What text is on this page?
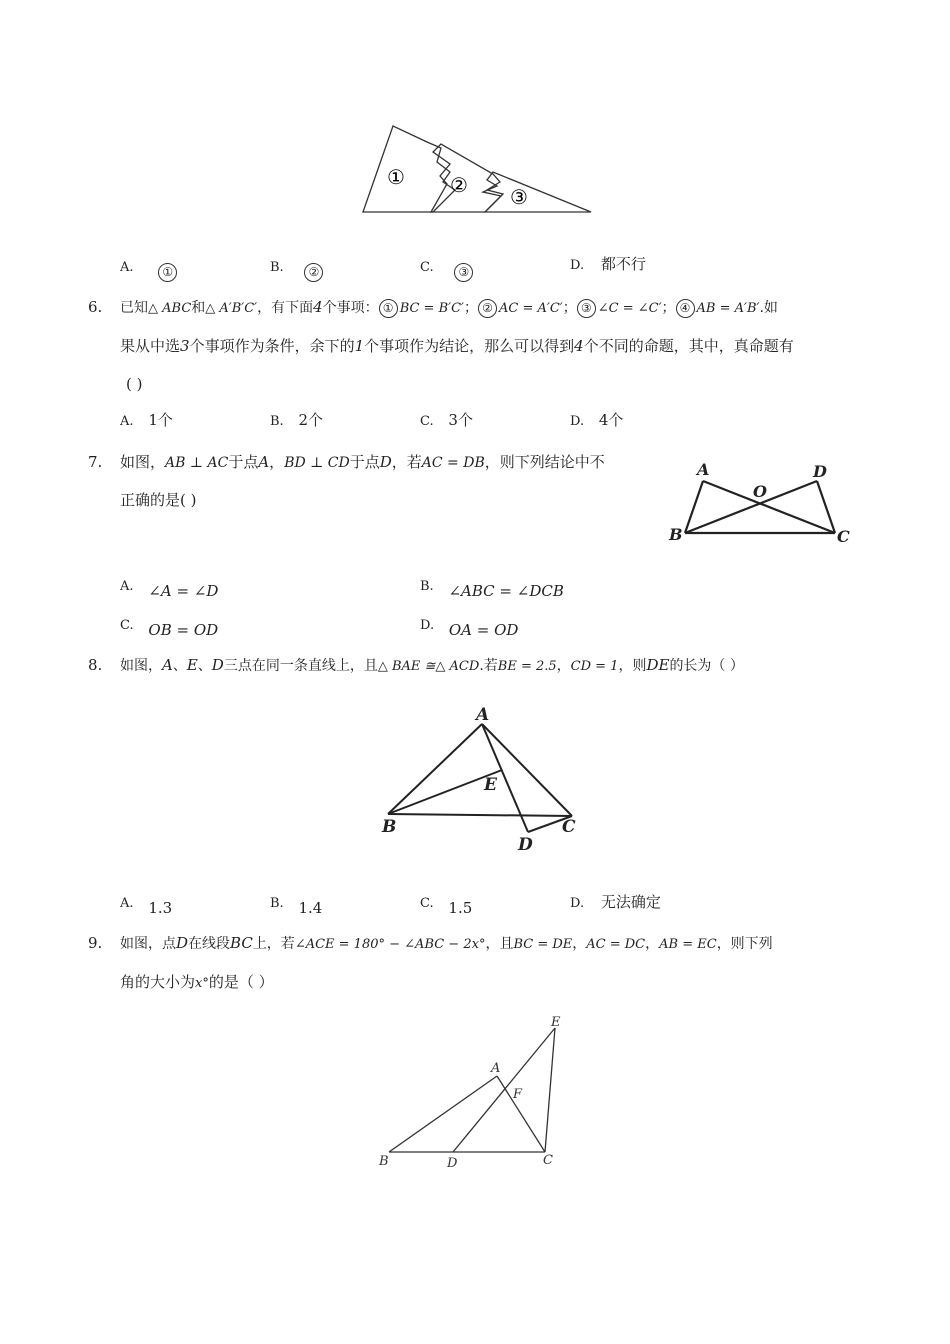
① ② ③
A. ①	B. ②	C. ③	D. 都不行
6. 已知△ ABC和△ A′B′C′，有下面4个事项： ① BC = B′C′； ② AC = A′C′； ③ ∠C = ∠C′； ④ AB = A′B′.如
果从中选3个事项作为条件，余下的1个事项作为结论，那么可以得到4个不同的命题，其中，真命题有
( )
A. 1个	B. 2个	C. 3个	D. 4个
7. 如图，AB ⊥ AC于点A，BD ⊥ CD于点D，若AC = DB，则下列结论中不
正确的是( )
A	D
O
B	C
A. ∠A = ∠D	B. ∠ABC = ∠DCB
C. OB = OD	D. OA = OD
8. 如图，A、E、D三点在同一条直线上，且△ BAE ≅△ ACD.若BE = 2.5，CD = 1，则DE的长为（ ）
A
E
B	C
D
A. 1.3	B. 1.4	C. 1.5	D. 无法确定
9. 如图，点D在线段BC上，若∠ACE = 180° − ∠ABC − 2x°，且BC = DE，AC = DC，AB = EC，则下列
角的大小为x°的是（ ）
A
B	D	C
E
F
